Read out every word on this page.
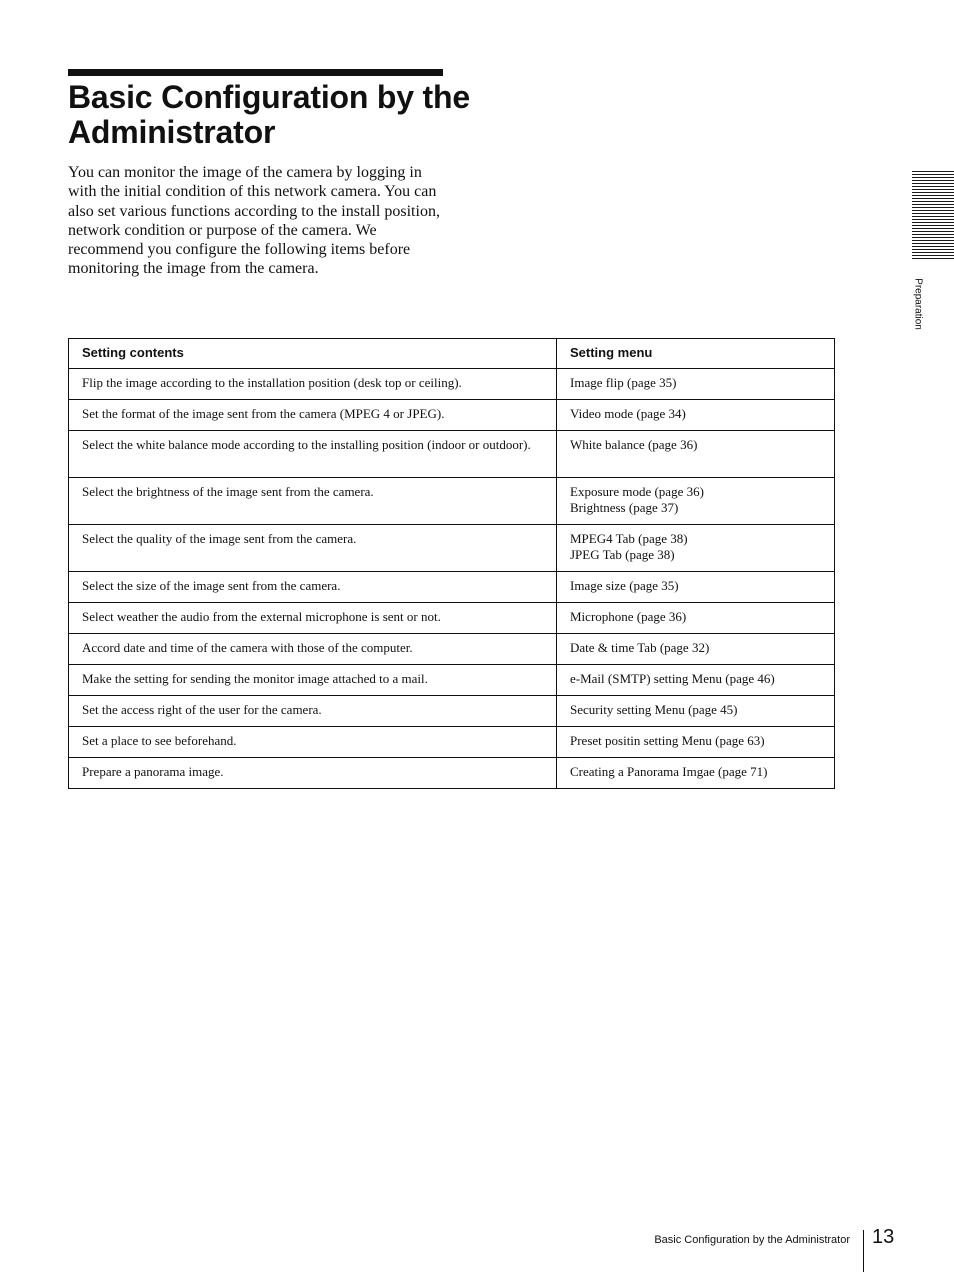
Basic Configuration by the Administrator

You can monitor the image of the camera by logging in with the initial condition of this network camera. You can also set various functions according to the install position, network condition or purpose of the camera. We recommend you configure the following items before monitoring the image from the camera.

Preparation
Setting contents	Setting menu
Flip the image according to the installation position (desk top or ceiling).	Image flip (page 35)

Set the format of the image sent from the camera (MPEG 4 or JPEG).	Video mode (page 34)

Select the white balance mode according to the installing position (indoor or outdoor).	White balance (page 36)

Select the brightness of the image sent from the camera.	Exposure mode (page 36)
Brightness (page 37)

Select the quality of the image sent from the camera.	MPEG4 Tab (page 38)
JPEG Tab (page 38)

Select the size of the image sent from the camera.	Image size (page 35)

Select weather the audio from the external microphone is sent or not.	Microphone (page 36)

Accord date and time of the camera with those of the computer.	Date & time Tab (page 32)

Make the setting for sending the monitor image attached to a mail.	e-Mail (SMTP) setting Menu (page 46)

Set the access right of the user for the camera.	Security setting Menu (page 45)

Set a place to see beforehand.	Preset positin setting Menu (page 63)

Prepare a panorama image.	Creating a Panorama Imgae (page 71)
Basic Configuration by the Administrator 13
